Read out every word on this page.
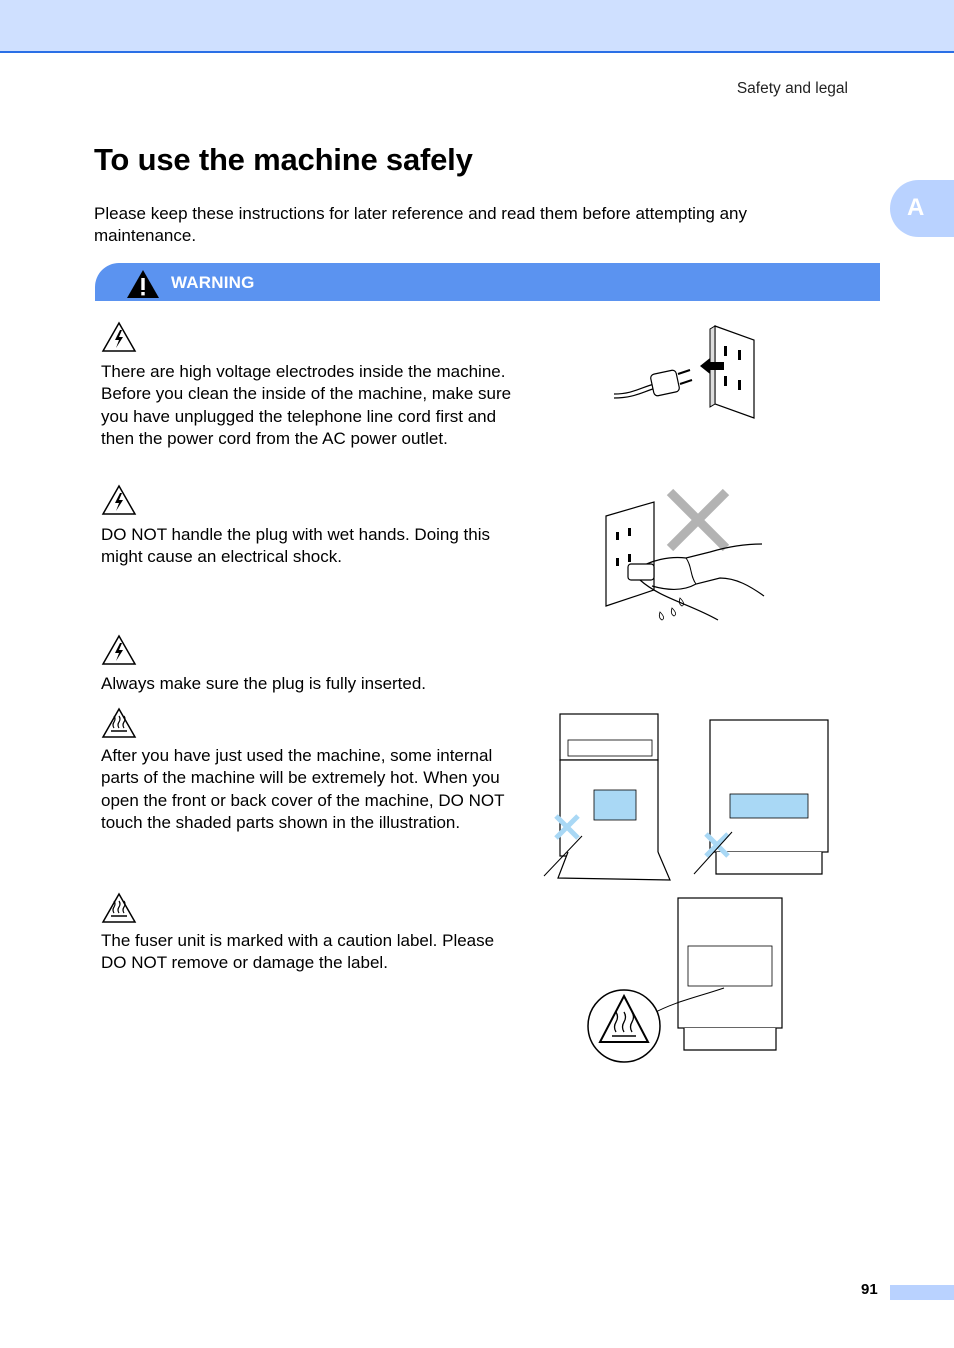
Safety and legal
A
To use the machine safely

Please keep these instructions for later reference and read them before attempting any maintenance.

WARNING

There are high voltage electrodes inside the machine. Before you clean the inside of the machine, make sure you have unplugged the telephone line cord first and then the power cord from the AC power outlet.

DO NOT handle the plug with wet hands. Doing this might cause an electrical shock.

Always make sure the plug is fully inserted.

After you have just used the machine, some internal parts of the machine will be extremely hot. When you open the front or back cover of the machine, DO NOT touch the shaded parts shown in the illustration.

The fuser unit is marked with a caution label. Please DO NOT remove or damage the label.

91
